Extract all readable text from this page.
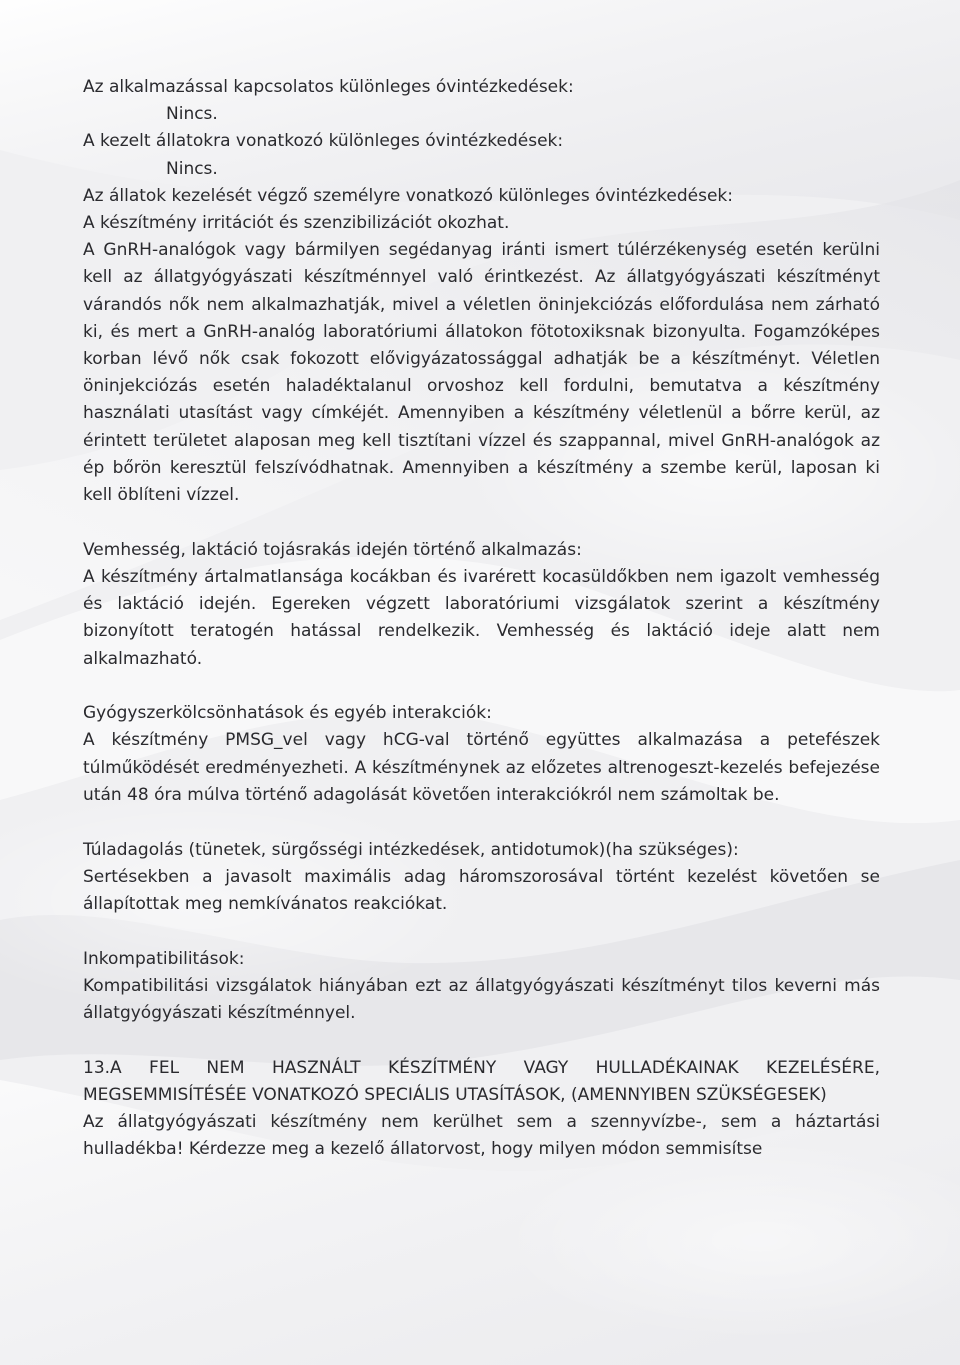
Az alkalmazással kapcsolatos különleges óvintézkedések:

Nincs.

A kezelt állatokra vonatkozó különleges óvintézkedések:

Nincs.

Az állatok kezelését végző személyre vonatkozó különleges óvintézkedések:

A készítmény irritációt és szenzibilizációt okozhat.

A GnRH-analógok vagy bármilyen segédanyag iránti ismert túlérzékenység esetén kerülni kell az állatgyógyászati készítménnyel való érintkezést. Az állatgyógyászati készítményt várandós nők nem alkalmazhatják, mivel a véletlen öninjekciózás előfordulása nem zárható ki, és mert a GnRH-analóg laboratóriumi állatokon fötotoxiksnak bizonyulta. Fogamzóképes korban lévő nők csak fokozott elővigyázatossággal adhatják be a készítményt. Véletlen öninjekciózás esetén haladéktalanul orvoshoz kell fordulni, bemutatva a készítmény használati utasítást vagy címkéjét. Amennyiben a készítmény véletlenül a bőrre kerül, az érintett területet alaposan meg kell tisztítani vízzel és szappannal, mivel GnRH-analógok az ép bőrön keresztül felszívódhatnak. Amennyiben a készítmény a szembe kerül, laposan ki kell öblíteni vízzel.

Vemhesség, laktáció tojásrakás idején történő alkalmazás:

A készítmény ártalmatlansága kocákban és ivarérett kocasüldőkben nem igazolt vemhesség és laktáció idején. Egereken végzett laboratóriumi vizsgálatok szerint a készítmény bizonyított teratogén hatással rendelkezik. Vemhesség és laktáció ideje alatt nem alkalmazható.

Gyógyszerkölcsönhatások és egyéb interakciók:

A készítmény PMSG_vel vagy hCG-val történő együttes alkalmazása a petefészek túlműködését eredményezheti. A készítménynek az előzetes altrenogeszt-kezelés befejezése után 48 óra múlva történő adagolását követően interakciókról nem számoltak be.

Túladagolás (tünetek, sürgősségi intézkedések, antidotumok)(ha szükséges):

Sertésekben a javasolt maximális adag háromszorosával történt kezelést követően se állapítottak meg nemkívánatos reakciókat.

Inkompatibilitások:

Kompatibilitási vizsgálatok hiányában ezt az állatgyógyászati készítményt tilos keverni más állatgyógyászati készítménnyel.

13.A FEL NEM HASZNÁLT KÉSZÍTMÉNY VAGY HULLADÉKAINAK KEZELÉSÉRE, MEGSEMMISÍTÉSÉE VONATKOZÓ SPECIÁLIS UTASÍTÁSOK, (AMENNYIBEN SZÜKSÉGESEK)

Az állatgyógyászati készítmény nem kerülhet sem a szennyvízbe-, sem a háztartási hulladékba! Kérdezze meg a kezelő állatorvost, hogy milyen módon semmisítse
